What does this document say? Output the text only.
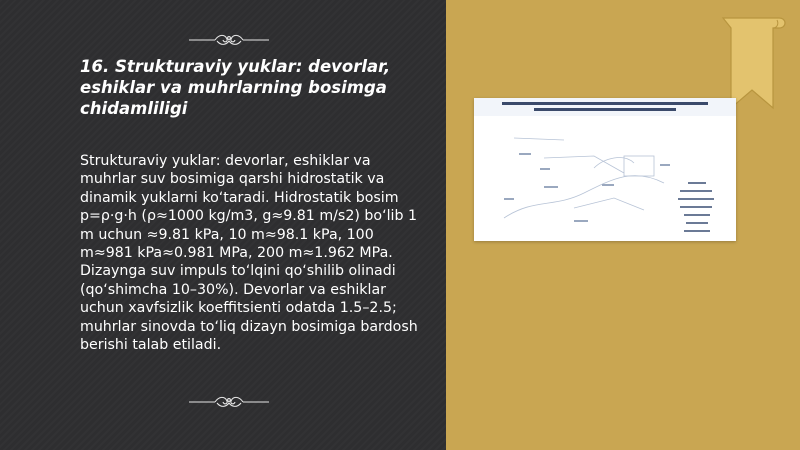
16. Strukturaviy yuklar: devorlar, eshiklar va muhrlarning bosimga chidamliligi

Strukturaviy yuklar: devorlar, eshiklar va muhrlar suv bosimiga qarshi hidrostatik va dinamik yuklarni ko‘taradi. Hidrostatik bosim p=ρ·g·h (ρ≈1000 kg/m3, g≈9.81 m/s2) bo‘lib 1 m uchun ≈9.81 kPa, 10 m≈98.1 kPa, 100 m≈981 kPa≈0.981 MPa, 200 m≈1.962 MPa. Dizaynga suv impuls to‘lqini qo‘shilib olinadi (qo‘shimcha 10–30%). Devorlar va eshiklar uchun xavfsizlik koeffitsienti odatda 1.5–2.5; muhrlar sinovda to‘liq dizayn bosimiga bardosh berishi talab etiladi.
